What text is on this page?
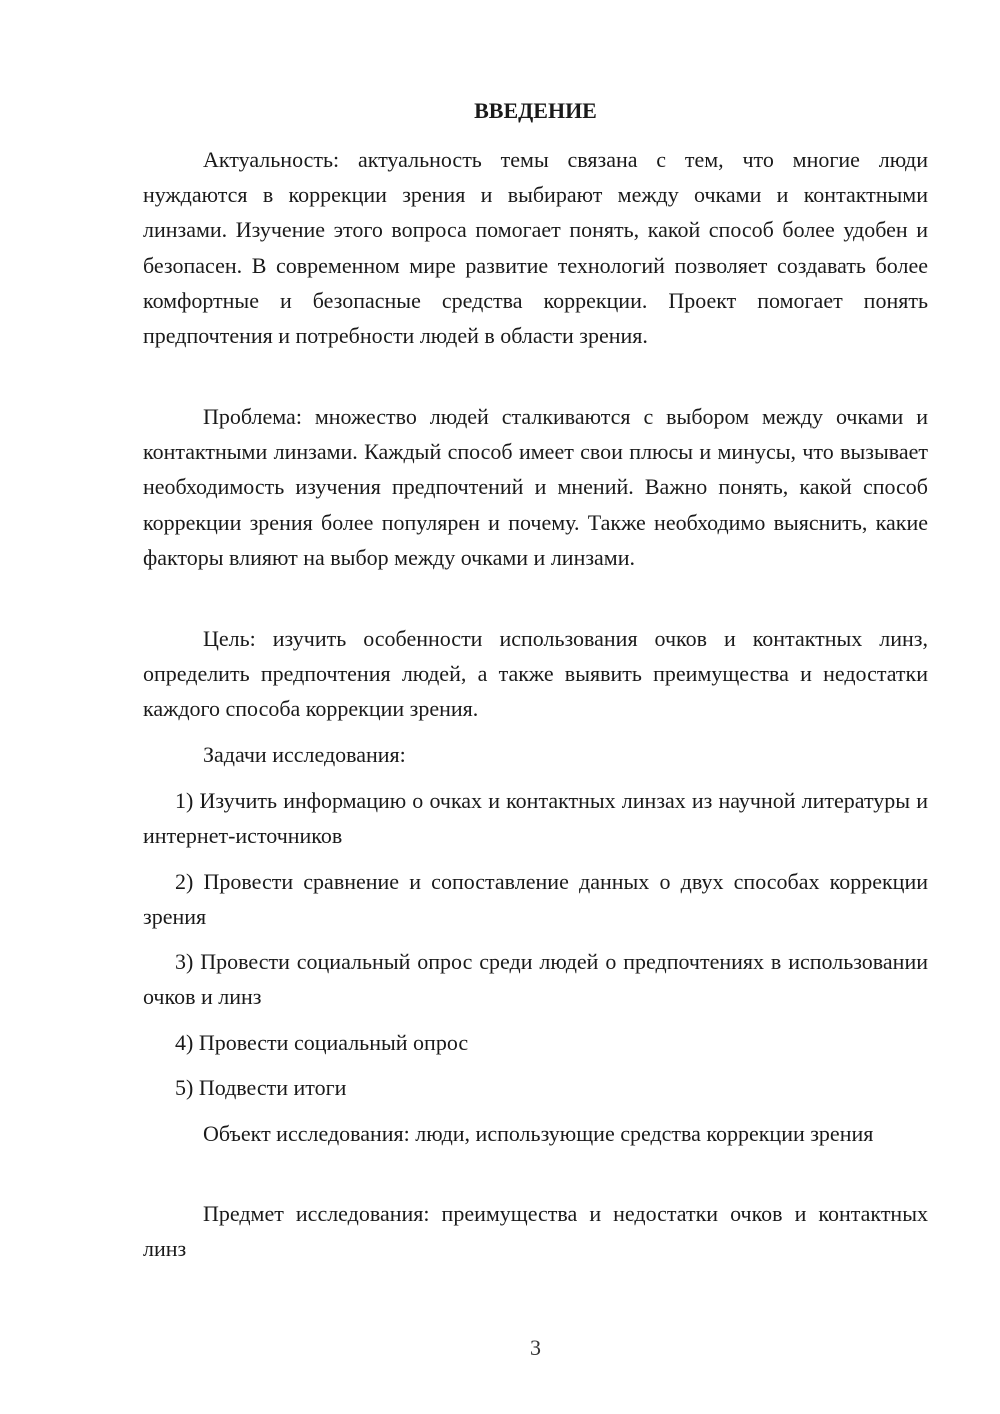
ВВЕДЕНИЕ

Актуальность: актуальность темы связана с тем, что многие люди нуждаются в коррекции зрения и выбирают между очками и контактными линзами. Изучение этого вопроса помогает понять, какой способ более удобен и безопасен. В современном мире развитие технологий позволяет создавать более комфортные и безопасные средства коррекции. Проект помогает понять предпочтения и потребности людей в области зрения.

Проблема: множество людей сталкиваются с выбором между очками и контактными линзами. Каждый способ имеет свои плюсы и минусы, что вызывает необходимость изучения предпочтений и мнений. Важно понять, какой способ коррекции зрения более популярен и почему. Также необходимо выяснить, какие факторы влияют на выбор между очками и линзами.

Цель: изучить особенности использования очков и контактных линз, определить предпочтения людей, а также выявить преимущества и недостатки каждого способа коррекции зрения.

Задачи исследования:

1) Изучить информацию о очках и контактных линзах из научной литературы и интернет-источников

2) Провести сравнение и сопоставление данных о двух способах коррекции зрения

3) Провести социальный опрос среди людей о предпочтениях в использовании очков и линз

4) Провести социальный опрос

5) Подвести итоги

Объект исследования: люди, использующие средства коррекции зрения

Предмет исследования: преимущества и недостатки очков и контактных линз

3
